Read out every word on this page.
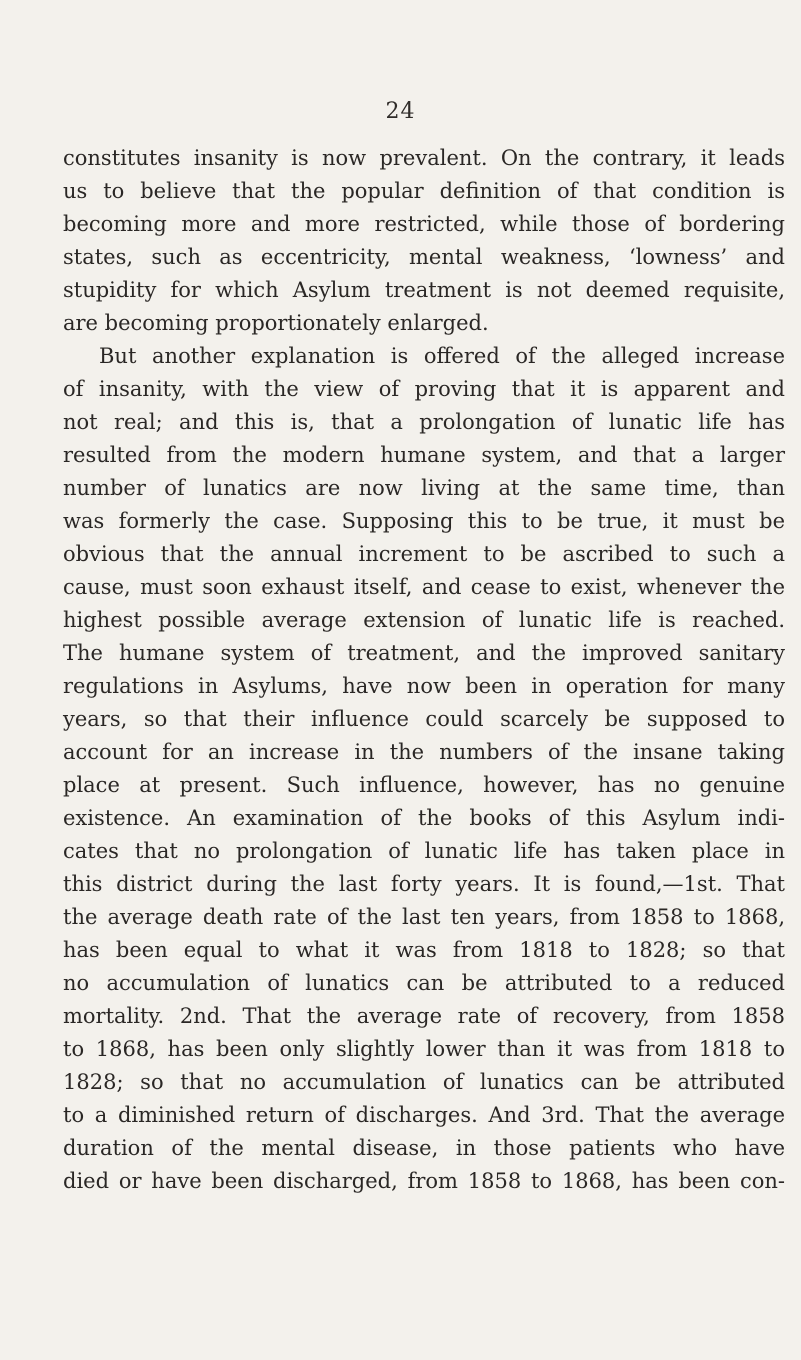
24
constitutes insanity is now prevalent. On the contrary, it leads
us to believe that the popular definition of that condition is
becoming more and more restricted, while those of bordering
states, such as eccentricity, mental weakness, ‘lowness’ and
stupidity for which Asylum treatment is not deemed requisite,
are becoming proportionately enlarged.
But another explanation is offered of the alleged increase
of insanity, with the view of proving that it is apparent and
not real; and this is, that a prolongation of lunatic life has
resulted from the modern humane system, and that a larger
number of lunatics are now living at the same time, than
was formerly the case. Supposing this to be true, it must be
obvious that the annual increment to be ascribed to such a
cause, must soon exhaust itself, and cease to exist, whenever the
highest possible average extension of lunatic life is reached.
The humane system of treatment, and the improved sanitary
regulations in Asylums, have now been in operation for many
years, so that their influence could scarcely be supposed to
account for an increase in the numbers of the insane taking
place at present. Such influence, however, has no genuine
existence. An examination of the books of this Asylum indi-
cates that no prolongation of lunatic life has taken place in
this district during the last forty years. It is found,—1st. That
the average death rate of the last ten years, from 1858 to 1868,
has been equal to what it was from 1818 to 1828; so that
no accumulation of lunatics can be attributed to a reduced
mortality. 2nd. That the average rate of recovery, from 1858
to 1868, has been only slightly lower than it was from 1818 to
1828; so that no accumulation of lunatics can be attributed
to a diminished return of discharges. And 3rd. That the average
duration of the mental disease, in those patients who have
died or have been discharged, from 1858 to 1868, has been con-
